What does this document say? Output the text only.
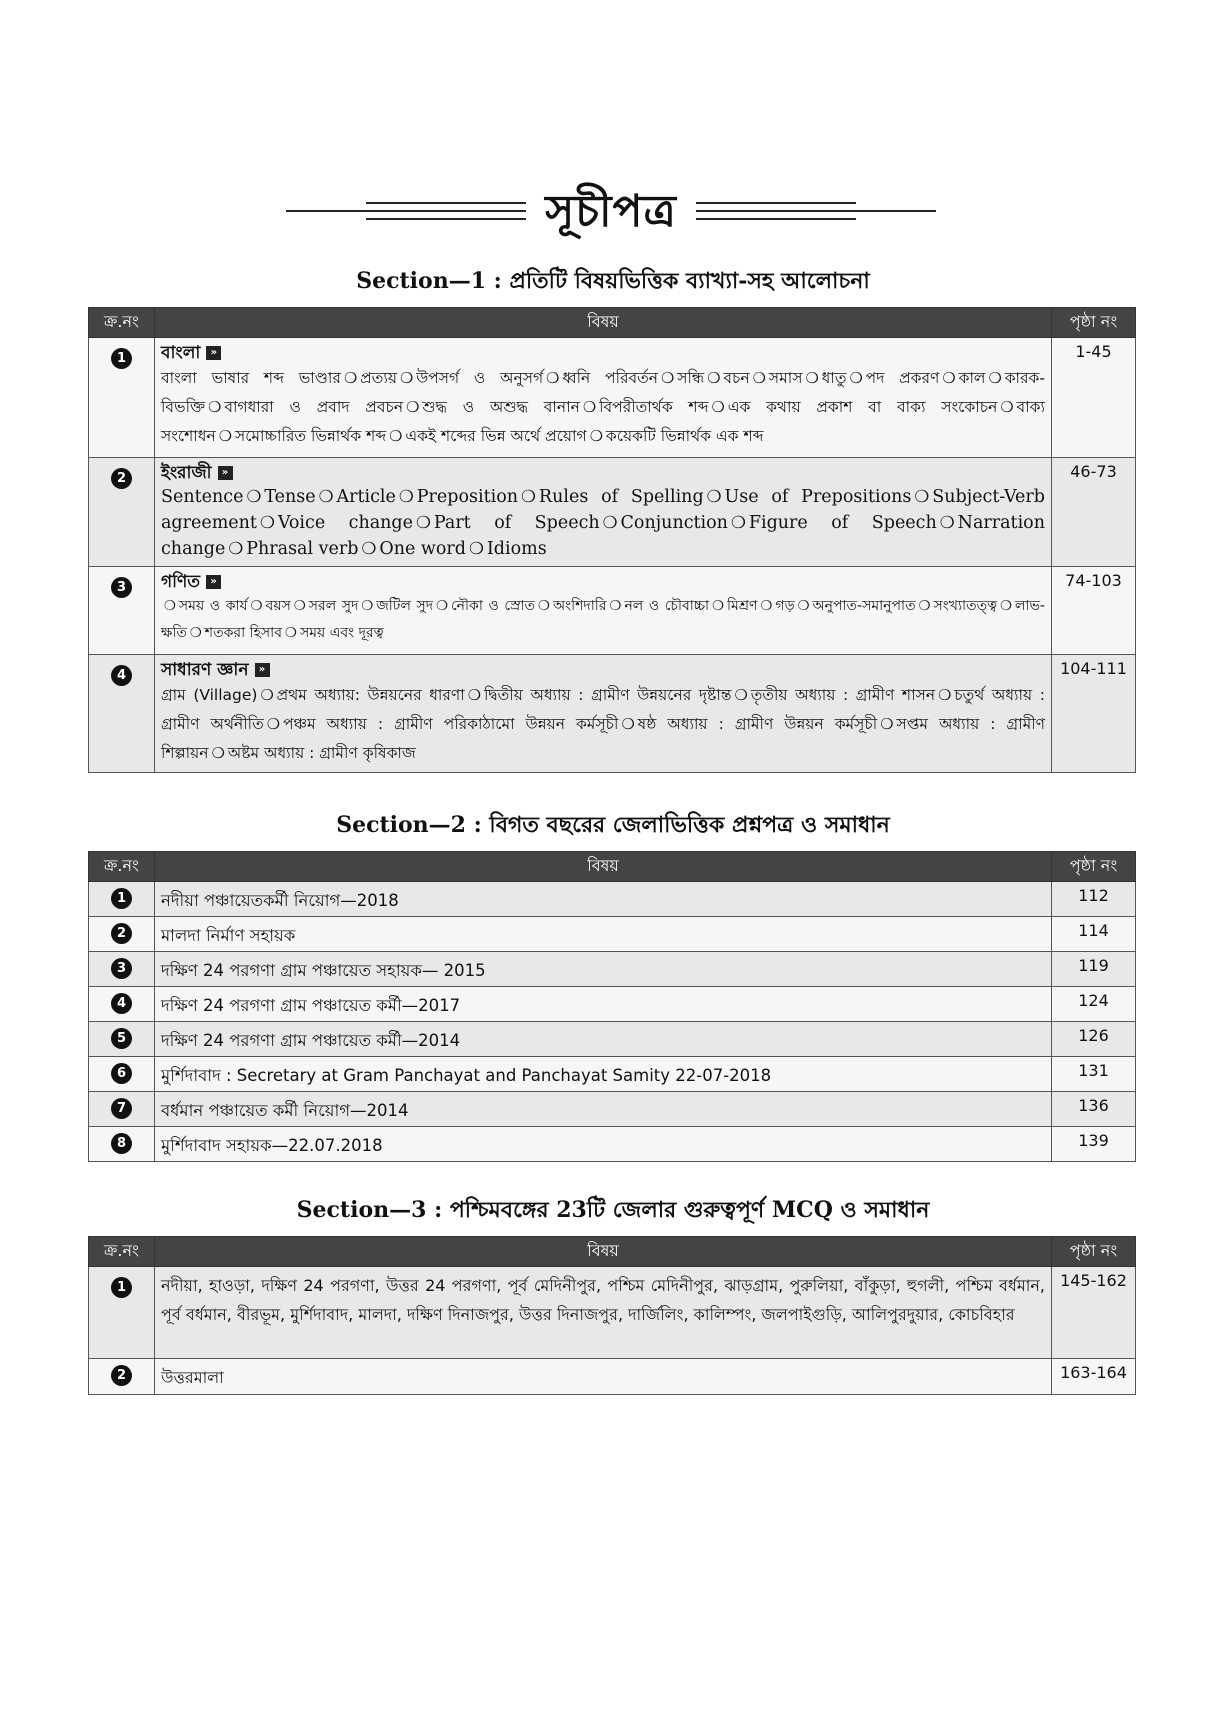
সূচীপত্র
Section—1 : প্রতিটি বিষয়ভিত্তিক ব্যাখ্যা-সহ আলোচনা
ক্র.নং	বিষয়	পৃষ্ঠা নং
1	বাংলা »
বাংলা ভাষার শব্দ ভাণ্ডার ❍ প্রত্যয় ❍ উপসর্গ ও অনুসর্গ ❍ ধ্বনি পরিবর্তন ❍ সন্ধি ❍ বচন ❍ সমাস ❍ ধাতু ❍ পদ প্রকরণ ❍ কাল ❍ কারক-বিভক্তি ❍ বাগধারা ও প্রবাদ প্রবচন ❍ শুদ্ধ ও অশুদ্ধ বানান ❍ বিপরীতার্থক শব্দ ❍ এক কথায় প্রকাশ বা বাক্য সংকোচন ❍ বাক্য সংশোধন ❍ সমোচ্চারিত ভিন্নার্থক শব্দ ❍ একই শব্দের ভিন্ন অর্থে প্রয়োগ ❍ কয়েকটি ভিন্নার্থক এক শব্দ	1-45
2	ইংরাজী »
Sentence ❍ Tense ❍ Article ❍ Preposition ❍ Rules of Spelling ❍ Use of Prepositions ❍ Subject-Verb agreement ❍ Voice change ❍ Part of Speech ❍ Conjunction ❍ Figure of Speech ❍ Narration change ❍ Phrasal verb ❍ One word ❍ Idioms	46-73
3	গণিত »
❍ সময় ও কার্য ❍ বয়স ❍ সরল সুদ ❍ জটিল সুদ ❍ নৌকা ও স্রোত ❍ অংশিদারি ❍ নল ও চৌবাচ্চা ❍ মিশ্রণ ❍ গড় ❍ অনুপাত-সমানুপাত ❍ সংখ্যাতত্ত্ব ❍ লাভ-ক্ষতি ❍ শতকরা হিসাব ❍ সময় এবং দূরত্ব	74-103
4	সাধারণ জ্ঞান »
গ্রাম (Village) ❍ প্রথম অধ্যায়: উন্নয়নের ধারণা ❍ দ্বিতীয় অধ্যায় : গ্রামীণ উন্নয়নের দৃষ্টান্ত ❍ তৃতীয় অধ্যায় : গ্রামীণ শাসন ❍ চতুর্থ অধ্যায় : গ্রামীণ অর্থনীতি ❍ পঞ্চম অধ্যায় : গ্রামীণ পরিকাঠামো উন্নয়ন কর্মসূচী ❍ ষষ্ঠ অধ্যায় : গ্রামীণ উন্নয়ন কর্মসূচী ❍ সপ্তম অধ্যায় : গ্রামীণ শিল্পায়ন ❍ অষ্টম অধ্যায় : গ্রামীণ কৃষিকাজ	104-111
Section—2 : বিগত বছরের জেলাভিত্তিক প্রশ্নপত্র ও সমাধান
ক্র.নং	বিষয়	পৃষ্ঠা নং
1	নদীয়া পঞ্চায়েতকর্মী নিয়োগ—2018	112
2	মালদা নির্মাণ সহায়ক	114
3	দক্ষিণ 24 পরগণা গ্রাম পঞ্চায়েত সহায়ক— 2015	119
4	দক্ষিণ 24 পরগণা গ্রাম পঞ্চায়েত কর্মী—2017	124
5	দক্ষিণ 24 পরগণা গ্রাম পঞ্চায়েত কর্মী—2014	126
6	মুর্শিদাবাদ : Secretary at Gram Panchayat and Panchayat Samity 22-07-2018	131
7	বর্ধমান পঞ্চায়েত কর্মী নিয়োগ—2014	136
8	মুর্শিদাবাদ সহায়ক—22.07.2018	139
Section—3 : পশ্চিমবঙ্গের 23টি জেলার গুরুত্বপূর্ণ MCQ ও সমাধান
ক্র.নং	বিষয়	পৃষ্ঠা নং
1	নদীয়া, হাওড়া, দক্ষিণ 24 পরগণা, উত্তর 24 পরগণা, পূর্ব মেদিনীপুর, পশ্চিম মেদিনীপুর, ঝাড়গ্রাম, পুরুলিয়া, বাঁকুড়া, হুগলী, পশ্চিম বর্ধমান, পূর্ব বর্ধমান, বীরভূম, মুর্শিদাবাদ, মালদা, দক্ষিণ দিনাজপুর, উত্তর দিনাজপুর, দার্জিলিং, কালিম্পং, জলপাইগুড়ি, আলিপুরদুয়ার, কোচবিহার	145-162
2	উত্তরমালা	163-164
